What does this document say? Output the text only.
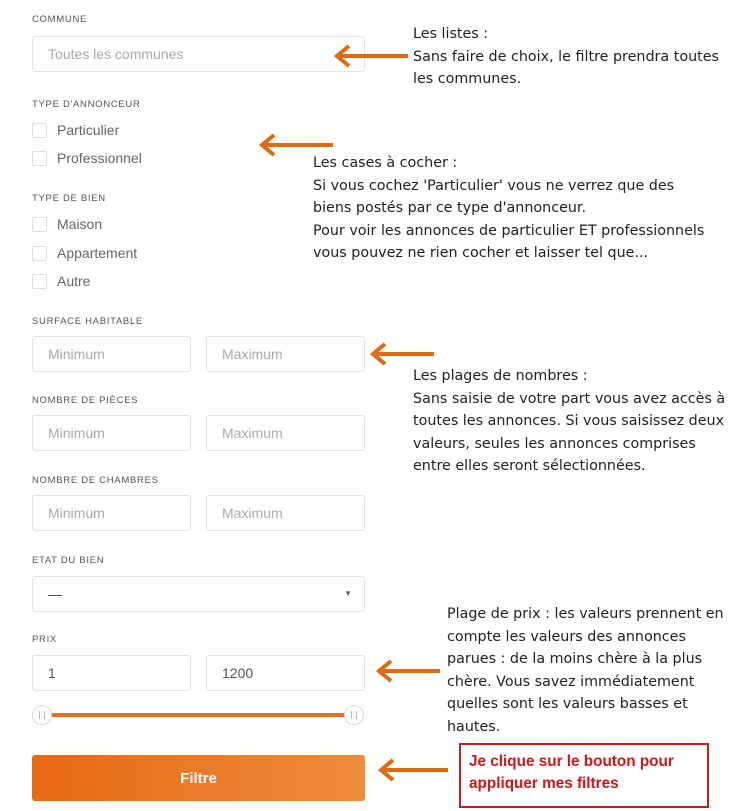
COMMUNE
Toutes les communes
TYPE D'ANNONCEUR
Particulier
Professionnel
TYPE DE BIEN
Maison
Appartement
Autre
SURFACE HABITABLE
Minimum	Maximum
NOMBRE DE PIÈCES
Minimum	Maximum
NOMBRE DE CHAMBRES
Minimum	Maximum
ETAT DU BIEN
—	▼
PRIX
1	1200
Filtre
Les listes :
Sans faire de choix, le filtre prendra toutes
les communes.
Les cases à cocher :
Si vous cochez 'Particulier' vous ne verrez que des
biens postés par ce type d'annonceur.
Pour voir les annonces de particulier ET professionnels
vous pouvez ne rien cocher et laisser tel que...
Les plages de nombres :
Sans saisie de votre part vous avez accès à
toutes les annonces. Si vous saisissez deux
valeurs, seules les annonces comprises
entre elles seront sélectionnées.
Plage de prix : les valeurs prennent en
compte les valeurs des annonces
parues : de la moins chère à la plus
chère. Vous savez immédiatement
quelles sont les valeurs basses et
hautes.
Je clique sur le bouton pour
appliquer mes filtres
